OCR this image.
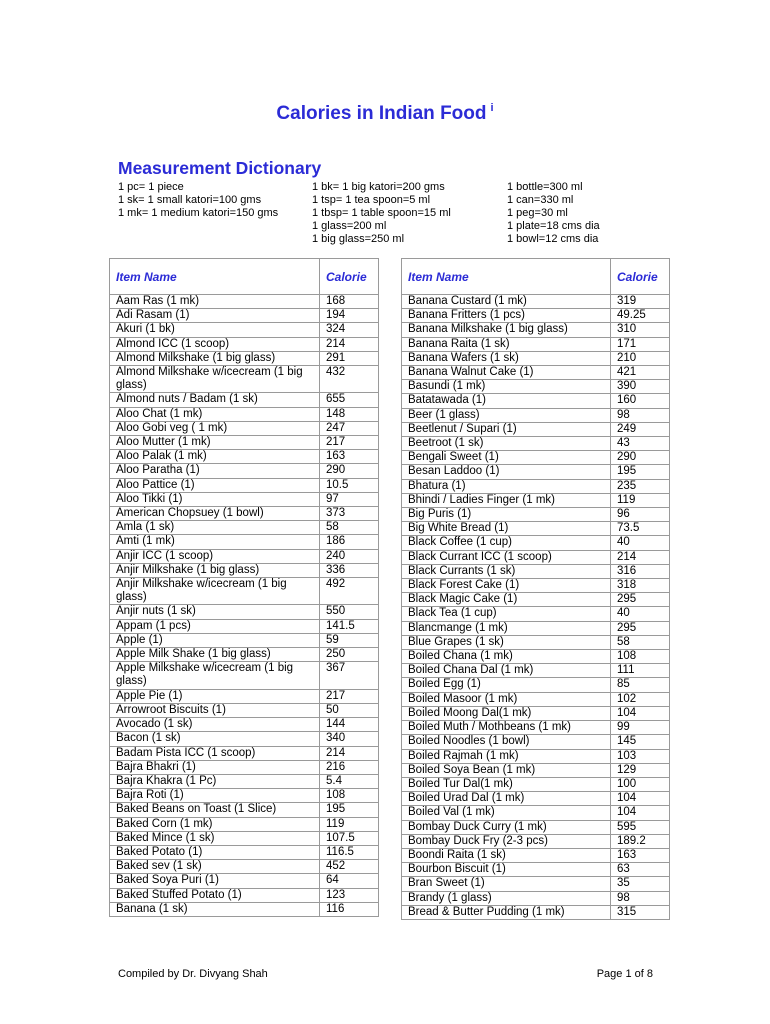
Calories in Indian Food $^i$
Measurement Dictionary
1 pc= 1 piece
1 sk= 1 small katori=100 gms
1 mk= 1 medium katori=150 gms
1 bk= 1 big katori=200 gms
1 tsp= 1 tea spoon=5 ml
1 tbsp= 1 table spoon=15 ml
1 glass=200 ml
1 big glass=250 ml
1 bottle=300 ml
1 can=330 ml
1 peg=30 ml
1 plate=18 cms dia
1 bowl=12 cms dia
Item Name	Calorie
Aam Ras (1 mk)	168
Adi Rasam (1)	194
Akuri (1 bk)	324
Almond ICC (1 scoop)	214
Almond Milkshake (1 big glass)	291
Almond Milkshake w/icecream (1 big glass)	432
Almond nuts / Badam (1 sk)	655
Aloo Chat (1 mk)	148
Aloo Gobi veg ( 1 mk)	247
Aloo Mutter (1 mk)	217
Aloo Palak (1 mk)	163
Aloo Paratha (1)	290
Aloo Pattice (1)	10.5
Aloo Tikki (1)	97
American Chopsuey (1 bowl)	373
Amla (1 sk)	58
Amti (1 mk)	186
Anjir ICC (1 scoop)	240
Anjir Milkshake (1 big glass)	336
Anjir Milkshake w/icecream (1 big glass)	492
Anjir nuts (1 sk)	550
Appam (1 pcs)	141.5
Apple (1)	59
Apple Milk Shake (1 big glass)	250
Apple Milkshake w/icecream (1 big glass)	367
Apple Pie (1)	217
Arrowroot Biscuits (1)	50
Avocado (1 sk)	144
Bacon (1 sk)	340
Badam Pista ICC (1 scoop)	214
Bajra Bhakri (1)	216
Bajra Khakra (1 Pc)	5.4
Bajra Roti (1)	108
Baked Beans on Toast (1 Slice)	195
Baked Corn (1 mk)	119
Baked Mince (1 sk)	107.5
Baked Potato (1)	116.5
Baked sev (1 sk)	452
Baked Soya Puri (1)	64
Baked Stuffed Potato (1)	123
Banana (1 sk)	116
Item Name	Calorie
Banana Custard (1 mk)	319
Banana Fritters (1 pcs)	49.25
Banana Milkshake (1 big glass)	310
Banana Raita (1 sk)	171
Banana Wafers (1 sk)	210
Banana Walnut Cake (1)	421
Basundi (1 mk)	390
Batatawada (1)	160
Beer (1 glass)	98
Beetlenut / Supari (1)	249
Beetroot (1 sk)	43
Bengali Sweet (1)	290
Besan Laddoo (1)	195
Bhatura (1)	235
Bhindi / Ladies Finger (1 mk)	119
Big Puris (1)	96
Big White Bread (1)	73.5
Black Coffee (1 cup)	40
Black Currant ICC (1 scoop)	214
Black Currants (1 sk)	316
Black Forest Cake (1)	318
Black Magic Cake (1)	295
Black Tea (1 cup)	40
Blancmange (1 mk)	295
Blue Grapes (1 sk)	58
Boiled Chana (1 mk)	108
Boiled Chana Dal (1 mk)	111
Boiled Egg (1)	85
Boiled Masoor (1 mk)	102
Boiled Moong Dal(1 mk)	104
Boiled Muth / Mothbeans (1 mk)	99
Boiled Noodles (1 bowl)	145
Boiled Rajmah (1 mk)	103
Boiled Soya Bean (1 mk)	129
Boiled Tur Dal(1 mk)	100
Boiled Urad Dal (1 mk)	104
Boiled Val (1 mk)	104
Bombay Duck Curry (1 mk)	595
Bombay Duck Fry (2-3 pcs)	189.2
Boondi Raita (1 sk)	163
Bourbon Biscuit (1)	63
Bran Sweet (1)	35
Brandy (1 glass)	98
Bread & Butter Pudding (1 mk)	315
Compiled by Dr. Divyang Shah	Page 1 of 8
